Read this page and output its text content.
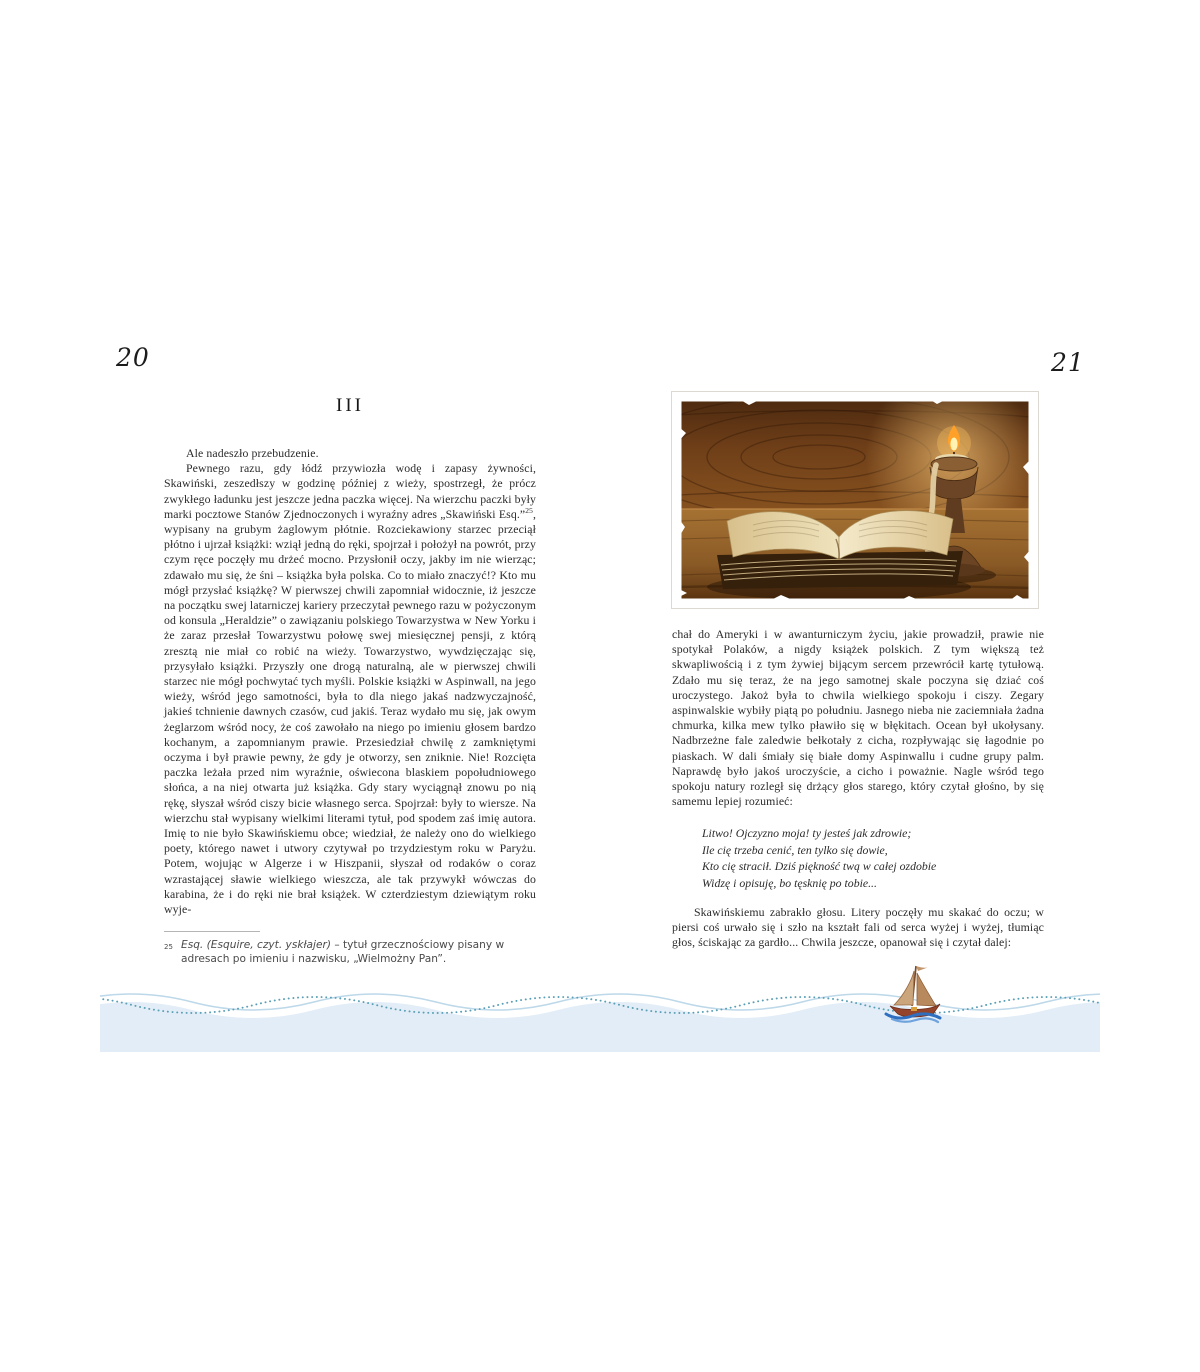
20	21
III

Ale nadeszło przebudzenie.

Pewnego razu, gdy łódź przywiozła wodę i zapasy żywności, Skawiński, zeszedłszy w godzinę później z wieży, spostrzegł, że prócz zwykłego ładunku jest jeszcze jedna paczka więcej. Na wierzchu paczki były marki pocztowe Stanów Zjednoczonych i wyraźny adres „Skawiński Esq.”$^{25}$, wypisany na grubym żaglowym płótnie. Rozciekawiony starzec przeciął płótno i ujrzał książki: wziął jedną do ręki, spojrzał i położył na powrót, przy czym ręce poczęły mu drżeć mocno. Przysłonił oczy, jakby im nie wierząc; zdawało mu się, że śni – książka była polska. Co to miało znaczyć!? Kto mu mógł przysłać książkę? W pierwszej chwili zapomniał widocznie, iż jeszcze na początku swej latarniczej kariery przeczytał pewnego razu w pożyczonym od konsula „Heraldzie” o zawiązaniu polskiego Towarzystwa w New Yorku i że zaraz przesłał Towarzystwu połowę swej miesięcznej pensji, z którą zresztą nie miał co robić na wieży. Towarzystwo, wywdzięczając się, przysyłało książki. Przyszły one drogą naturalną, ale w pierwszej chwili starzec nie mógł pochwytać tych myśli. Polskie książki w Aspinwall, na jego wieży, wśród jego samotności, była to dla niego jakaś nadzwyczajność, jakieś tchnienie dawnych czasów, cud jakiś. Teraz wydało mu się, jak owym żeglarzom wśród nocy, że coś zawołało na niego po imieniu głosem bardzo kochanym, a zapomnianym prawie. Przesiedział chwilę z zamkniętymi oczyma i był prawie pewny, że gdy je otworzy, sen zniknie. Nie! Rozcięta paczka leżała przed nim wyraźnie, oświecona blaskiem popołudniowego słońca, a na niej otwarta już książka. Gdy stary wyciągnął znowu po nią rękę, słyszał wśród ciszy bicie własnego serca. Spojrzał: były to wiersze. Na wierzchu stał wypisany wielkimi literami tytuł, pod spodem zaś imię autora. Imię to nie było Skawińskiemu obce; wiedział, że należy ono do wielkiego poety, którego nawet i utwory czytywał po trzydziestym roku w Paryżu. Potem, wojując w Algerze i w Hiszpanii, słyszał od rodaków o coraz wzrastającej sławie wielkiego wieszcza, ale tak przywykł wówczas do karabina, że i do ręki nie brał książek. W czterdziestym dziewiątym roku wyje-

25 Esq. (Esquire, czyt. yskłajer) – tytuł grzecznościowy pisany w adresach po imieniu i nazwisku, „Wielmożny Pan”.

chał do Ameryki i w awanturniczym życiu, jakie prowadził, prawie nie spotykał Polaków, a nigdy książek polskich. Z tym większą też skwapliwością i z tym żywiej bijącym sercem przewrócił kartę tytułową. Zdało mu się teraz, że na jego samotnej skale poczyna się dziać coś uroczystego. Jakoż była to chwila wielkiego spokoju i ciszy. Zegary aspinwalskie wybiły piątą po południu. Jasnego nieba nie zaciemniała żadna chmurka, kilka mew tylko pławiło się w błękitach. Ocean był ukołysany. Nadbrzeżne fale zaledwie bełkotały z cicha, rozpływając się łagodnie po piaskach. W dali śmiały się białe domy Aspinwallu i cudne grupy palm. Naprawdę było jakoś uroczyście, a cicho i poważnie. Nagle wśród tego spokoju natury rozległ się drżący głos starego, który czytał głośno, by się samemu lepiej rozumieć:

Litwo! Ojczyzno moja! ty jesteś jak zdrowie;
Ile cię trzeba cenić, ten tylko się dowie,
Kto cię stracił. Dziś piękność twą w całej ozdobie
Widzę i opisuję, bo tęsknię po tobie...

Skawińskiemu zabrakło głosu. Litery poczęły mu skakać do oczu; w piersi coś urwało się i szło na kształt fali od serca wyżej i wyżej, tłumiąc głos, ściskając za gardło... Chwila jeszcze, opanował się i czytał dalej:
